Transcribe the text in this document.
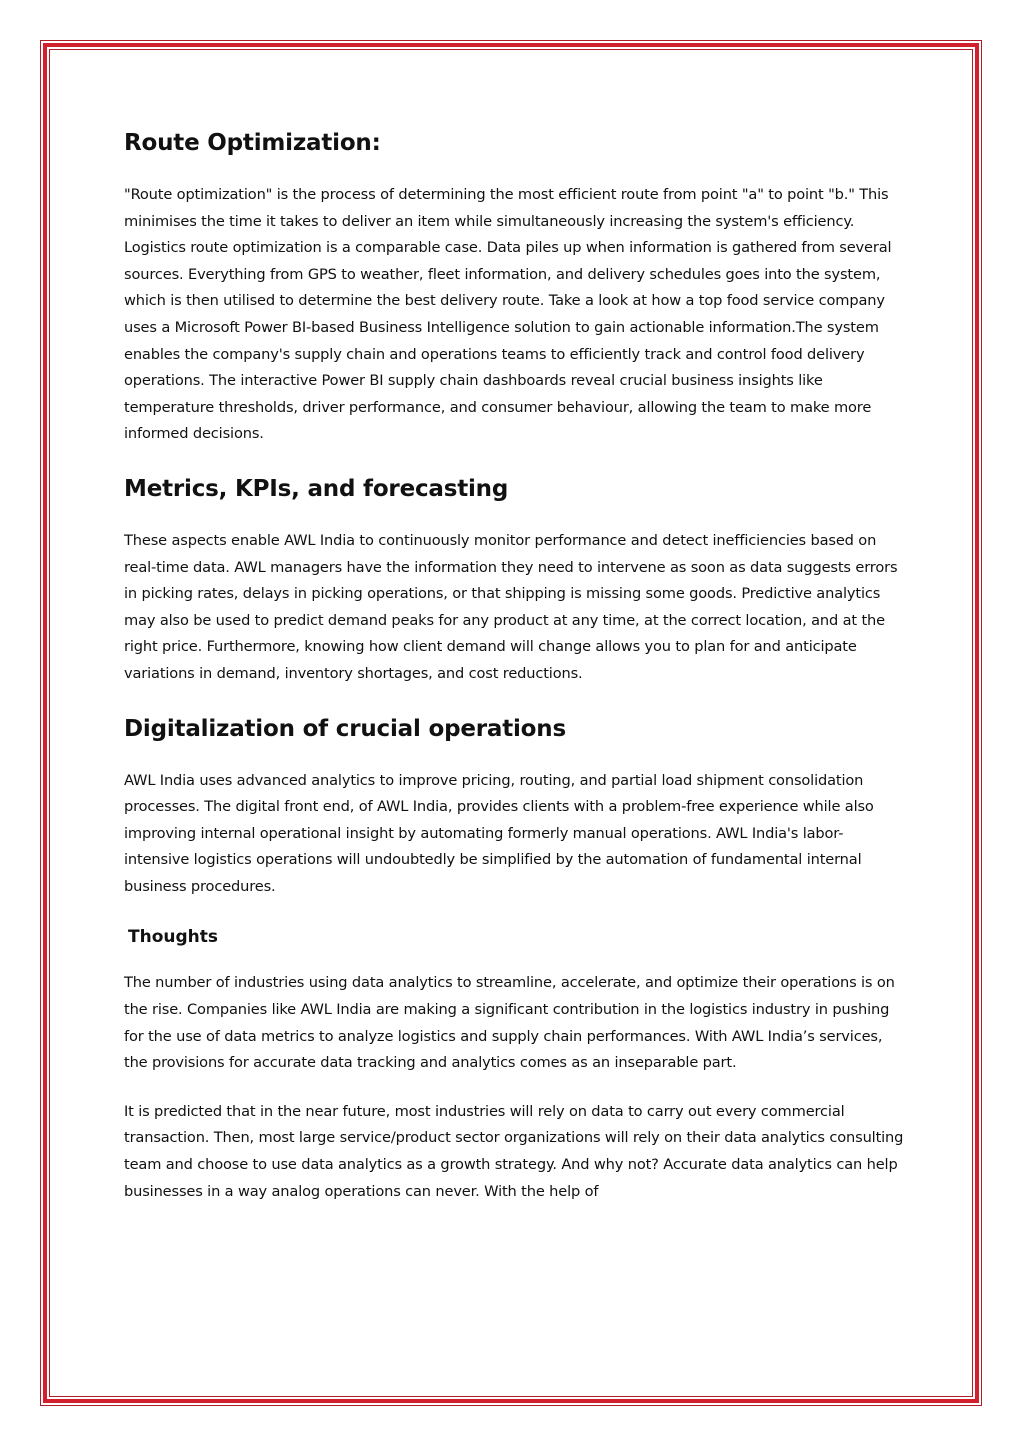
Route Optimization:

"Route optimization" is the process of determining the most efficient route from point "a" to point "b." This minimises the time it takes to deliver an item while simultaneously increasing the system's efficiency. Logistics route optimization is a comparable case. Data piles up when information is gathered from several sources. Everything from GPS to weather, fleet information, and delivery schedules goes into the system, which is then utilised to determine the best delivery route. Take a look at how a top food service company uses a Microsoft Power BI-based Business Intelligence solution to gain actionable information.The system enables the company's supply chain and operations teams to efficiently track and control food delivery operations. The interactive Power BI supply chain dashboards reveal crucial business insights like temperature thresholds, driver performance, and consumer behaviour, allowing the team to make more informed decisions.

Metrics, KPIs, and forecasting

These aspects enable AWL India to continuously monitor performance and detect inefficiencies based on real-time data. AWL managers have the information they need to intervene as soon as data suggests errors in picking rates, delays in picking operations, or that shipping is missing some goods. Predictive analytics may also be used to predict demand peaks for any product at any time, at the correct location, and at the right price. Furthermore, knowing how client demand will change allows you to plan for and anticipate variations in demand, inventory shortages, and cost reductions.

Digitalization of crucial operations

AWL India uses advanced analytics to improve pricing, routing, and partial load shipment consolidation processes. The digital front end, of AWL India, provides clients with a problem-free experience while also improving internal operational insight by automating formerly manual operations. AWL India's labor-intensive logistics operations will undoubtedly be simplified by the automation of fundamental internal business procedures.

Thoughts

The number of industries using data analytics to streamline, accelerate, and optimize their operations is on the rise. Companies like AWL India are making a significant contribution in the logistics industry in pushing for the use of data metrics to analyze logistics and supply chain performances. With AWL India’s services, the provisions for accurate data tracking and analytics comes as an inseparable part.

It is predicted that in the near future, most industries will rely on data to carry out every commercial transaction. Then, most large service/product sector organizations will rely on their data analytics consulting team and choose to use data analytics as a growth strategy. And why not? Accurate data analytics can help businesses in a way analog operations can never. With the help of
